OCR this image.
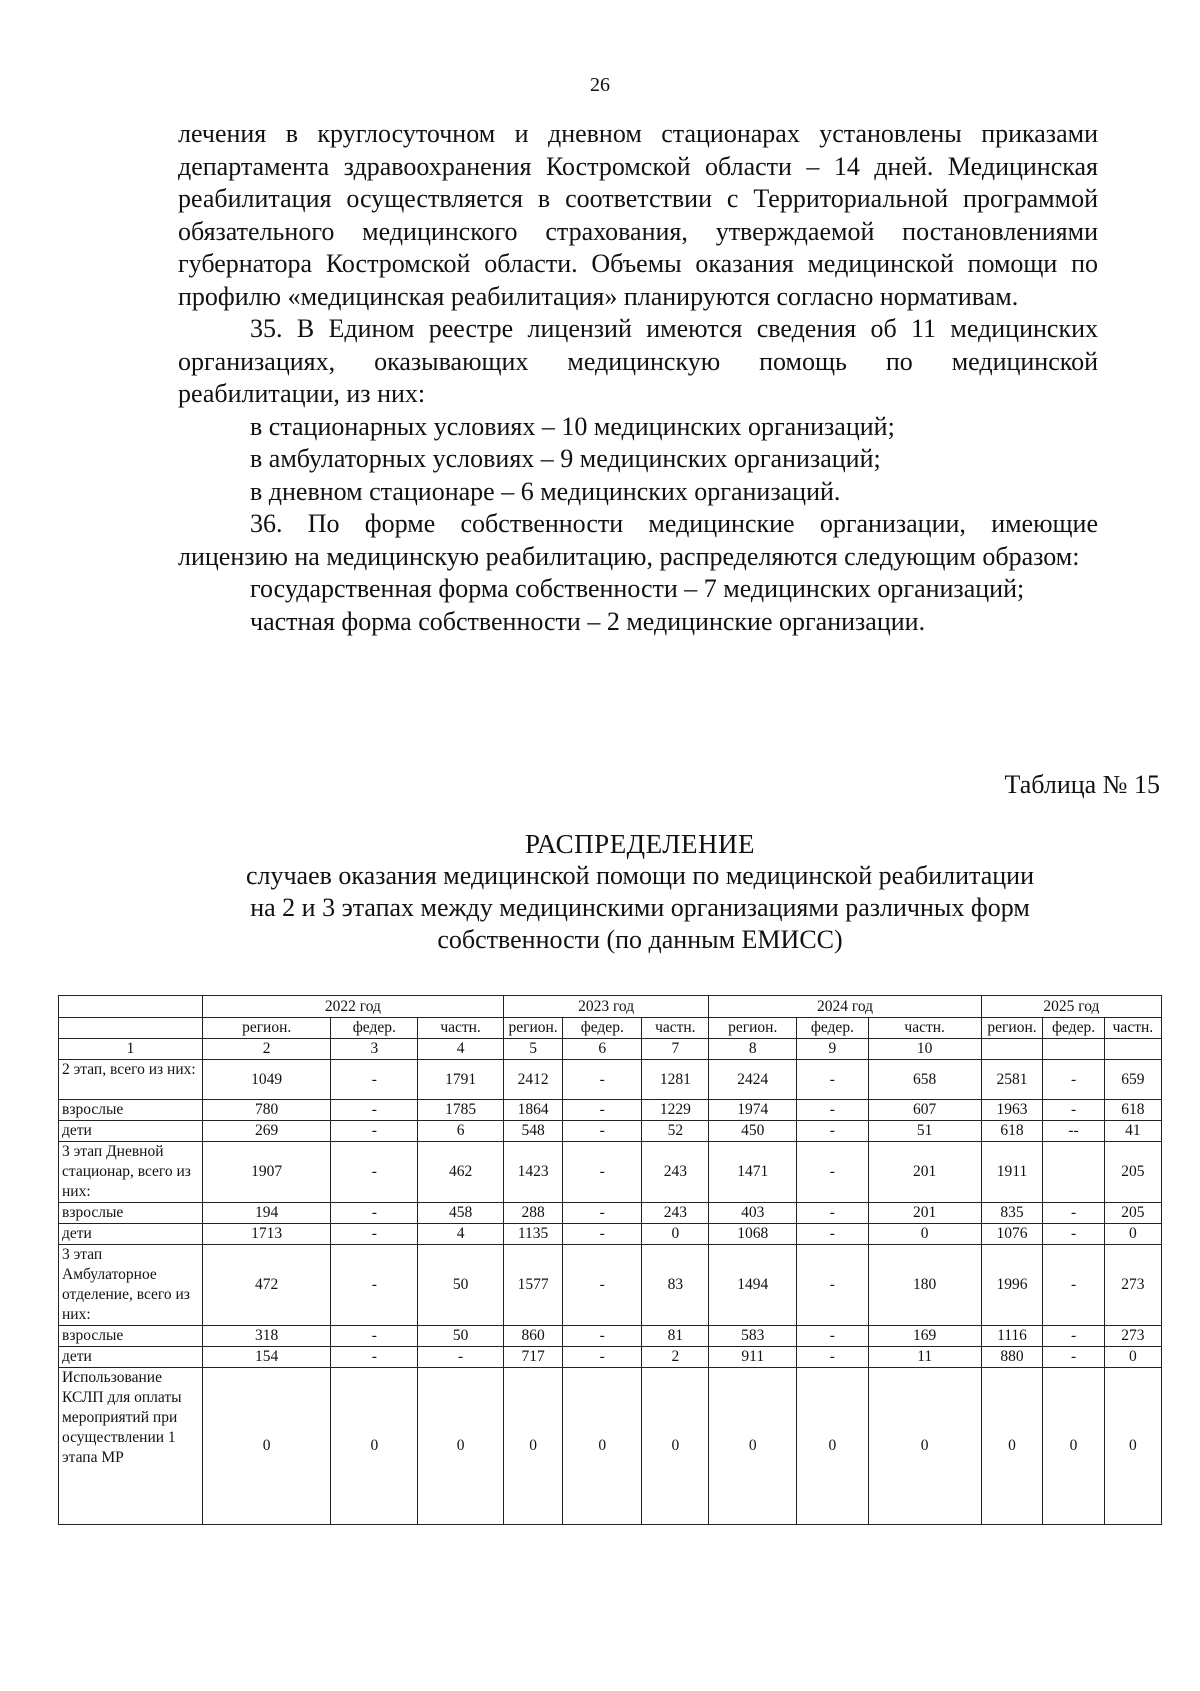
26

лечения в круглосуточном и дневном стационарах установлены приказами департамента здравоохранения Костромской области – 14 дней. Медицинская реабилитация осуществляется в соответствии с Территориальной программой обязательного медицинского страхования, утверждаемой постановлениями губернатора Костромской области. Объемы оказания медицинской помощи по профилю «медицинская реабилитация» планируются согласно нормативам.

35. В Едином реестре лицензий имеются сведения об 11 медицинских организациях, оказывающих медицинскую помощь по медицинской реабилитации, из них:

в стационарных условиях – 10 медицинских организаций;

в амбулаторных условиях – 9 медицинских организаций;

в дневном стационаре – 6 медицинских организаций.

36. По форме собственности медицинские организации, имеющие лицензию на медицинскую реабилитацию, распределяются следующим образом:

государственная форма собственности – 7 медицинских организаций;

частная форма собственности – 2 медицинские организации.

Таблица № 15
РАСПРЕДЕЛЕНИЕ
случаев оказания медицинской помощи по медицинской реабилитации
на 2 и 3 этапах между медицинскими организациями различных форм
собственности (по данным ЕМИСС)
	2022 год			2023 год			2024 год			2025 год		
	регион.	федер.	частн.	регион.	федер.	частн.	регион.	федер.	частн.	регион.	федер.	частн.
1	2	3	4	5	6	7	8	9	10			
2 этап, всего из них:	1049	-	1791	2412	-	1281	2424	-	658	2581	-	659
взрослые	780	-	1785	1864	-	1229	1974	-	607	1963	-	618
дети	269	-	6	548	-	52	450	-	51	618	--	41
3 этап Дневной стационар, всего из них:	1907	-	462	1423	-	243	1471	-	201	1911		205
взрослые	194	-	458	288	-	243	403	-	201	835	-	205
дети	1713	-	4	1135	-	0	1068	-	0	1076	-	0
3 этап Амбулаторное отделение, всего из них:	472	-	50	1577	-	83	1494	-	180	1996	-	273
взрослые	318	-	50	860	-	81	583	-	169	1116	-	273
дети	154	-	-	717	-	2	911	-	11	880	-	0
Использование КСЛП для оплаты мероприятий при осуществлении 1 этапа МР	0	0	0	0	0	0	0	0	0	0	0	0
